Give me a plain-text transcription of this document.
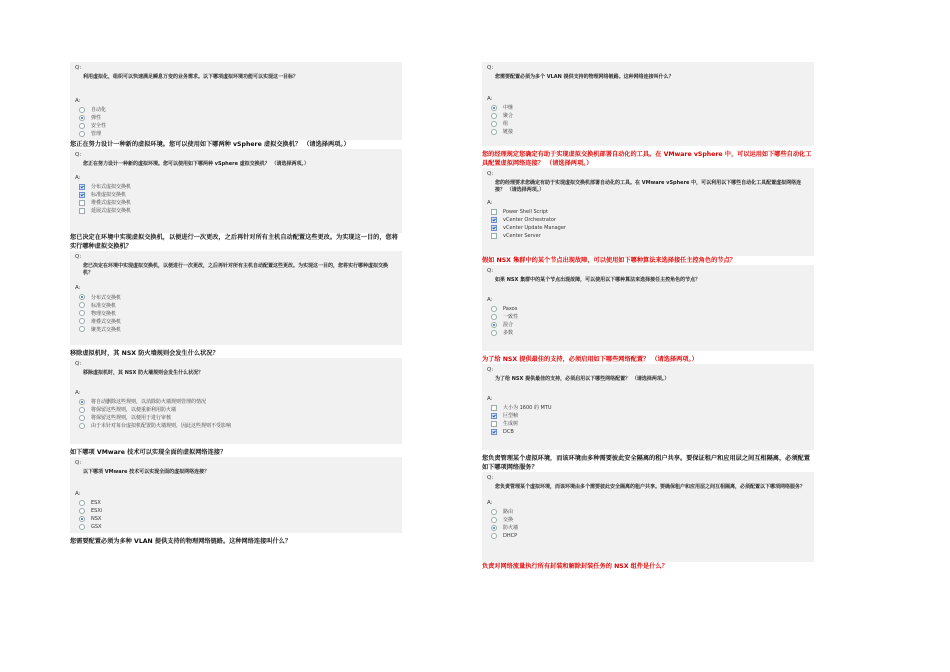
Q:
利用虚拟化，组织可以快速满足瞬息万变的业务需求。以下哪项虚拟环境功能可以实现这一目标？
A:
自动化
弹性
安全性
管理
您正在努力设计一种新的虚拟环境。您可以使用如下哪两种 vSphere 虚拟交换机？ （请选择两项。）
Q:
您正在努力设计一种新的虚拟环境。您可以使用如下哪两种 vSphere 虚拟交换机？ （请选择两项。）
A:
分布式虚拟交换机
标准虚拟交换机
堆叠式虚拟交换机
延展式虚拟交换机
您已决定在环境中实现虚拟交换机，以便进行一次更改，之后再针对所有主机自动配置这些更改。为实现这一目的，您将实行哪种虚拟交换机？
Q:
您已决定在环境中实现虚拟交换机，以便进行一次更改，之后再针对所有主机自动配置这些更改。为实现这一目的，您将实行哪种虚拟交换机？
A:
分布式交换机
标准交换机
物理交换机
堆叠式交换机
聚类式交换机
移除虚拟机时，其 NSX 防火墙规则会发生什么状况？
Q:
移除虚拟机时，其 NSX 防火墙规则会发生什么状况？
A:
将自动删除这些规则，以消除防火墙规则管理的情况
将保留这些规则，以便重新利用防火墙
将保留这些规则，以便用于进行审核
由于未针对每台虚拟机配置防火墙规则，因此这些规则不受影响
如下哪项 VMware 技术可以实现全面的虚拟网络连接？
Q:
以下哪项 VMware 技术可以实现全面的虚拟网络连接？
A:
ESX
ESXi
NSX
GSX
您需要配置必须为多种 VLAN 提供支持的物理网络链路。这种网络连接叫什么？
Q:
您需要配置必须为多个 VLAN 提供支持的物理网络链路。这种网络连接叫什么？
A:
中继
聚合
组
链接
您的经理规定您确定有助于实现虚拟交换机部署自动化的工具。在 VMware vSphere 中，可以运用如下哪些自动化工具配置虚拟网络连接？ （请选择两项。）
Q:
您的经理要求您确定有助于实现虚拟交换机部署自动化的工具。在 VMware vSphere 中，可以利用以下哪些自动化工具配置虚拟网络连接？ （请选择两项。）
A:
Power Shell Script
vCenter Orchestrator
vCenter Update Manager
vCenter Server
假如 NSX 集群中的某个节点出现故障，可以使用如下哪种算法来选择接任主控角色的节点？
Q:
如果 NSX 集群中的某个节点出现故障，可以使用以下哪种算法来选择接任主控角色的节点？
A:
Paxos
一致性
混合
多数
为了给 NSX 提供最佳的支持，必须启用如下哪些网络配置？ （请选择两项。）
Q:
为了给 NSX 提供最佳的支持，必须启用以下哪些网络配置？ （请选择两项。）
A:
大小为 1600 的 MTU
巨型帧
生成树
DCB
您负责管理某个虚拟环境，而该环境由多种需要彼此安全隔离的租户共享。要保证租户和应用层之间互相隔离，必须配置如下哪项网络服务？
Q:
您负责管理某个虚拟环境，而该环境由多个需要彼此安全隔离的租户共享。要确保租户和应用层之间互相隔离，必须配置以下哪项网络服务？
A:
路由
交换
防火墙
DHCP
负责对网络流量执行所有封装和解除封装任务的 NSX 组件是什么？
